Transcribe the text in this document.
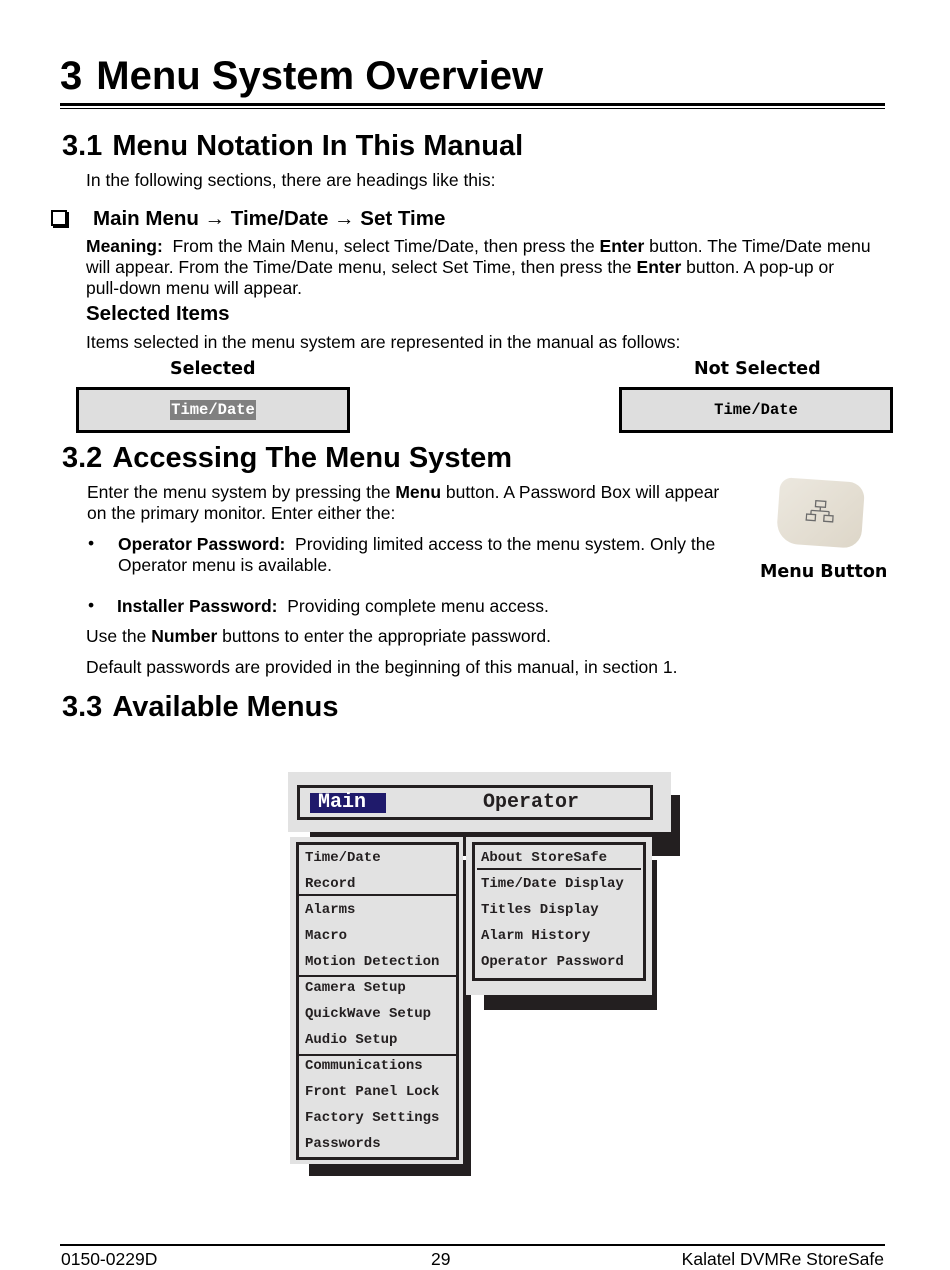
3 Menu System Overview
3.1 Menu Notation In This Manual
In the following sections, there are headings like this:
Main Menu → Time/Date → Set Time
Meaning: From the Main Menu, select Time/Date, then press the Enter button. The Time/Date menu
will appear. From the Time/Date menu, select Set Time, then press the Enter button. A pop-up or
pull-down menu will appear.
Selected Items
Items selected in the menu system are represented in the manual as follows:
Selected	Not Selected
Time/Date	Time/Date
3.2 Accessing The Menu System
Enter the menu system by pressing the Menu button. A Password Box will appear
on the primary monitor. Enter either the:
• Operator Password: Providing limited access to the menu system. Only the
Operator menu is available.
• Installer Password: Providing complete menu access.
Use the Number buttons to enter the appropriate password.
Default passwords are provided in the beginning of this manual, in section 1.
Menu Button
3.3 Available Menus
Main	Operator
Time/Date
Record
Alarms
Macro
Motion Detection
Camera Setup
QuickWave Setup
Audio Setup
Communications
Front Panel Lock
Factory Settings
Passwords
About StoreSafe
Time/Date Display
Titles Display
Alarm History
Operator Password
0150-0229D	29	Kalatel DVMRe StoreSafe
